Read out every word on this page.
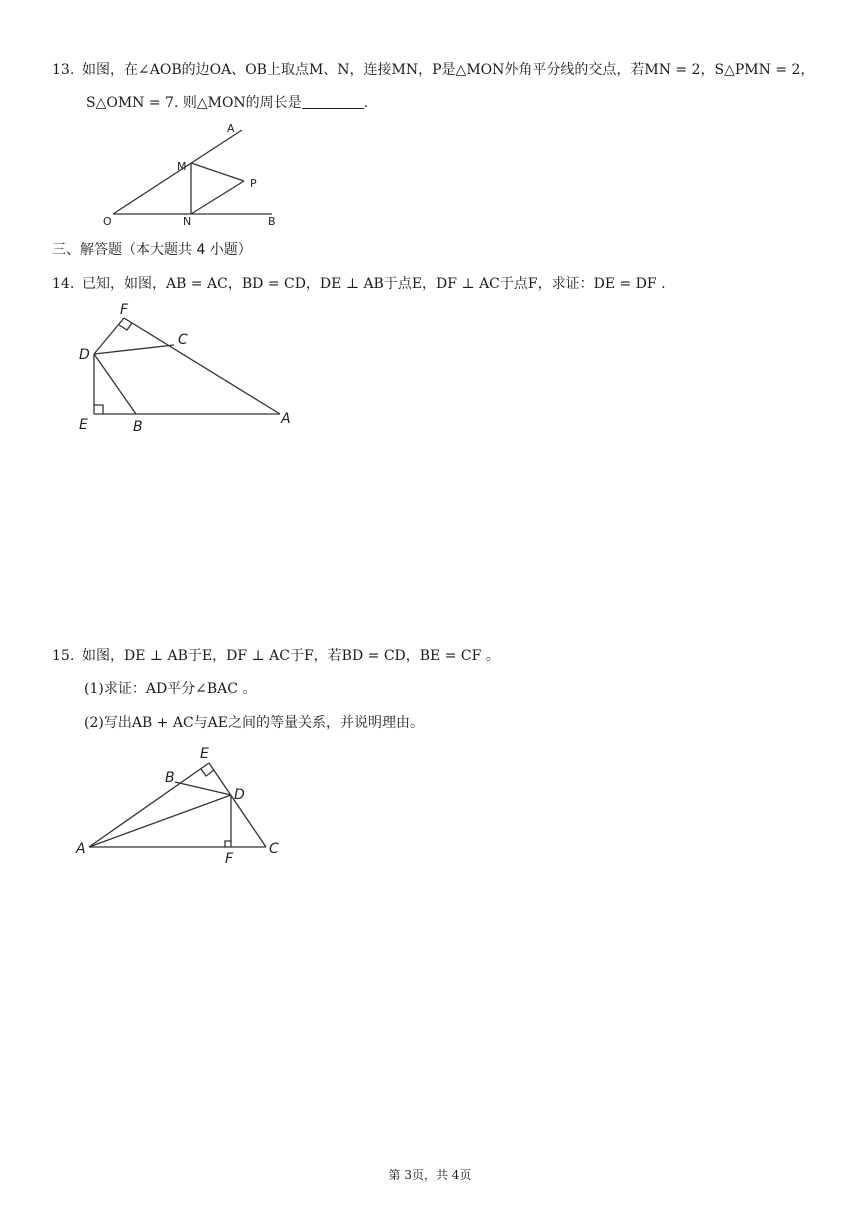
13. 如图，在∠AOB的边OA、OB上取点M、N，连接MN，P是△MON外角平分线的交点，若MN = 2，S△PMN = 2，
S△OMN = 7. 则△MON的周长是	.
A
M
P
O	N	B
三、解答题（本大题共 4 小题）
14. 已知，如图，AB = AC，BD = CD，DE ⊥ AB于点E，DF ⊥ AC于点F，求证：DE = DF .
F
C
D
E	B	A
15. 如图，DE ⊥ AB于E，DF ⊥ AC于F，若BD = CD，BE = CF 。
(1)求证：AD平分∠BAC 。
(2)写出AB + AC与AE之间的等量关系，并说明理由。
E
B
D
A
F
C
第 3页，共 4页
